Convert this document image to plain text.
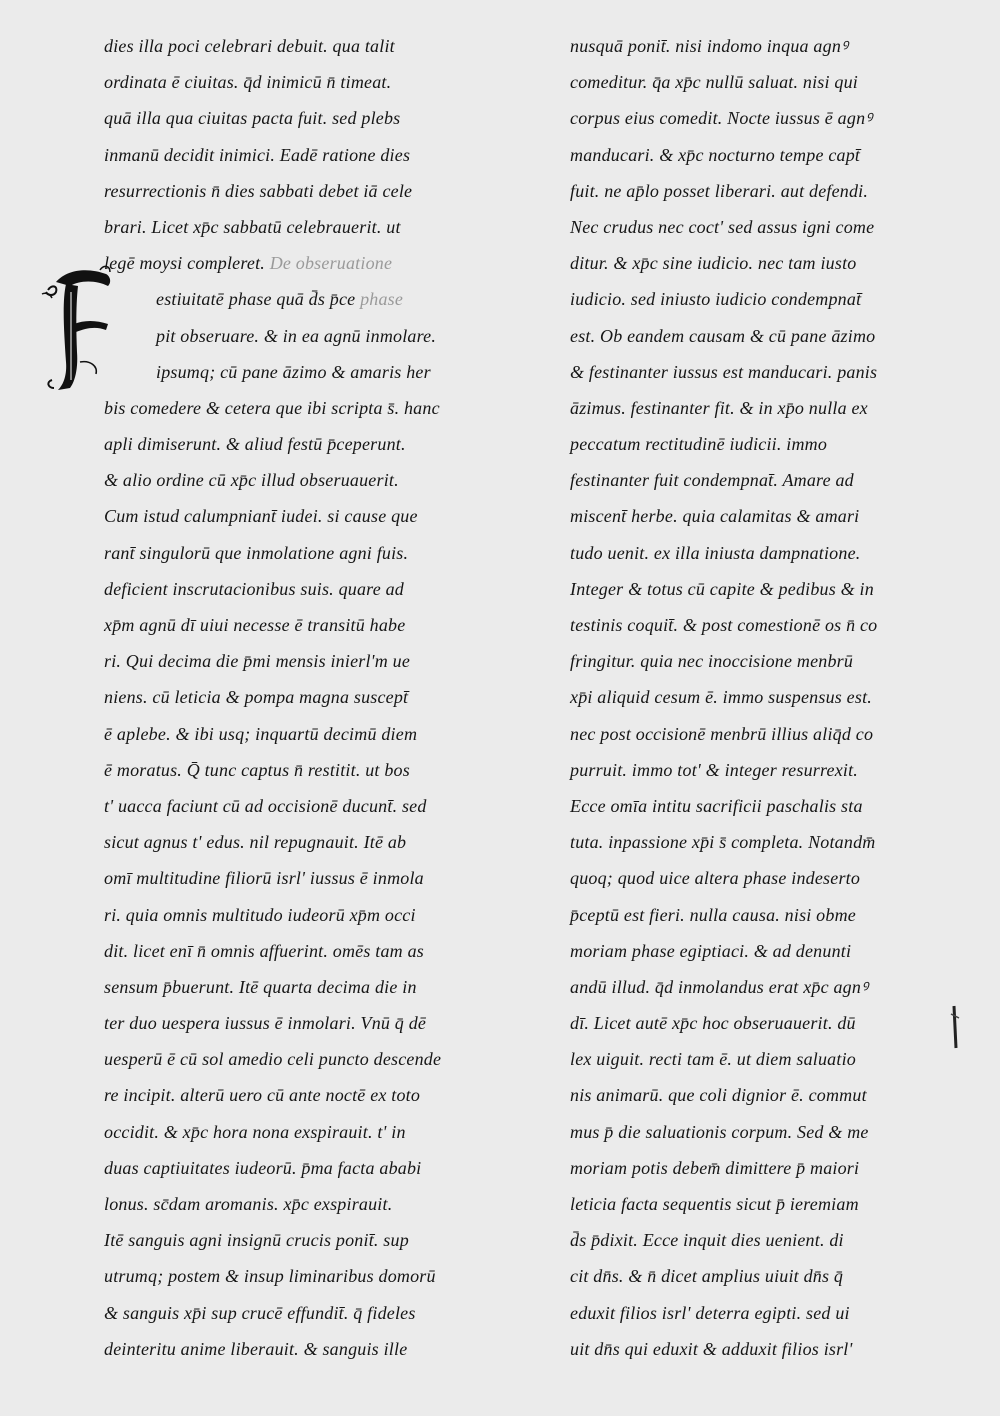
dies illa poci celebrari debuit. qua talit
ordinata ē ciuitas. q̄d inimicū n̄ timeat.
quā illa qua ciuitas pacta fuit. sed plebs
inmanū decidit inimici. Eadē ratione dies
resurrectionis n̄ dies sabbati debet iā cele
brari. Licet xp̄c sabbatū celebrauerit. ut
legē moysi compleret. De obseruatione
estiuitatē phase quā d̄s p̄ce phase
pit obseruare. & in ea agnū inmolare.
ipsumq; cū pane āzimo & amaris her
bis comedere & cetera que ibi scripta s̄. hanc
apli dimiserunt. & aliud festū p̄ceperunt.
& alio ordine cū xp̄c illud obseruauerit.
Cum istud calumpniant̄ iudei. si cause que
rant̄ singulorū que inmolatione agni fuis.
deficient inscrutacionibus suis. quare ad
xp̄m agnū dī uiui necesse ē transitū habe
ri. Qui decima die p̄mi mensis inierl'm ue
niens. cū leticia & pompa magna suscept̄
ē aplebe. & ibi usq; inquartū decimū diem
ē moratus. Q̄ tunc captus n̄ restitit. ut bos
t' uacca faciunt cū ad occisionē ducunt̄. sed
sicut agnus t' edus. nil repugnauit. Itē ab
omī multitudine filiorū isrl' iussus ē inmola
ri. quia omnis multitudo iudeorū xp̄m occi
dit. licet enī n̄ omnis affuerint. omēs tam as
sensum p̄buerunt. Itē quarta decima die in
ter duo uespera iussus ē inmolari. Vnū q̄ dē
uesperū ē cū sol amedio celi puncto descende
re incipit. alterū uero cū ante noctē ex toto
occidit. & xp̄c hora nona exspirauit. t' in
duas captiuitates iudeorū. p̄ma facta ababi
lonus. sc̄dam aromanis. xp̄c exspirauit.
Itē sanguis agni insignū crucis ponit̄. sup
utrumq; postem & insup liminaribus domorū
& sanguis xp̄i sup crucē effundit̄. q̄ fideles
deinteritu anime liberauit. & sanguis ille
nusquā ponit̄. nisi indomo inqua agnꝰ
comeditur. q̄a xp̄c nullū saluat. nisi qui
corpus eius comedit. Nocte iussus ē agnꝰ
manducari. & xp̄c nocturno tempe capt̄
fuit. ne ap̄lo posset liberari. aut defendi.
Nec crudus nec coct' sed assus igni come
ditur. & xp̄c sine iudicio. nec tam iusto
iudicio. sed iniusto iudicio condempnat̄
est. Ob eandem causam & cū pane āzimo
& festinanter iussus est manducari. panis
āzimus. festinanter fit. & in xp̄o nulla ex
peccatum rectitudinē iudicii. immo
festinanter fuit condempnat̄. Amare ad
miscent̄ herbe. quia calamitas & amari
tudo uenit. ex illa iniusta dampnatione.
Integer & totus cū capite & pedibus & in
testinis coquit̄. & post comestionē os n̄ co
fringitur. quia nec inoccisione menbrū
xp̄i aliquid cesum ē. immo suspensus est.
nec post occisionē menbrū illius aliq̄d co
purruit. immo tot' & integer resurrexit.
Ecce omīa intitu sacrificii paschalis sta
tuta. inpassione xp̄i s̄ completa. Notandm̄
quoq; quod uice altera phase indeserto
p̄ceptū est fieri. nulla causa. nisi obme
moriam phase egiptiaci. & ad denunti
andū illud. q̄d inmolandus erat xp̄c agnꝰ
dī. Licet autē xp̄c hoc obseruauerit. dū
lex uiguit. recti tam ē. ut diem saluatio
nis animarū. que coli dignior ē. commut
mus p̄ die saluationis corpum. Sed & me
moriam potis debem̄ dimittere p̄ maiori
leticia facta sequentis sicut p̄ ieremiam
d̄s p̄dixit. Ecce inquit dies uenient. di
cit dn̄s. & n̄ dicet amplius uiuit dn̄s q̄
eduxit filios isrl' deterra egipti. sed ui
uit dn̄s qui eduxit & adduxit filios isrl'
